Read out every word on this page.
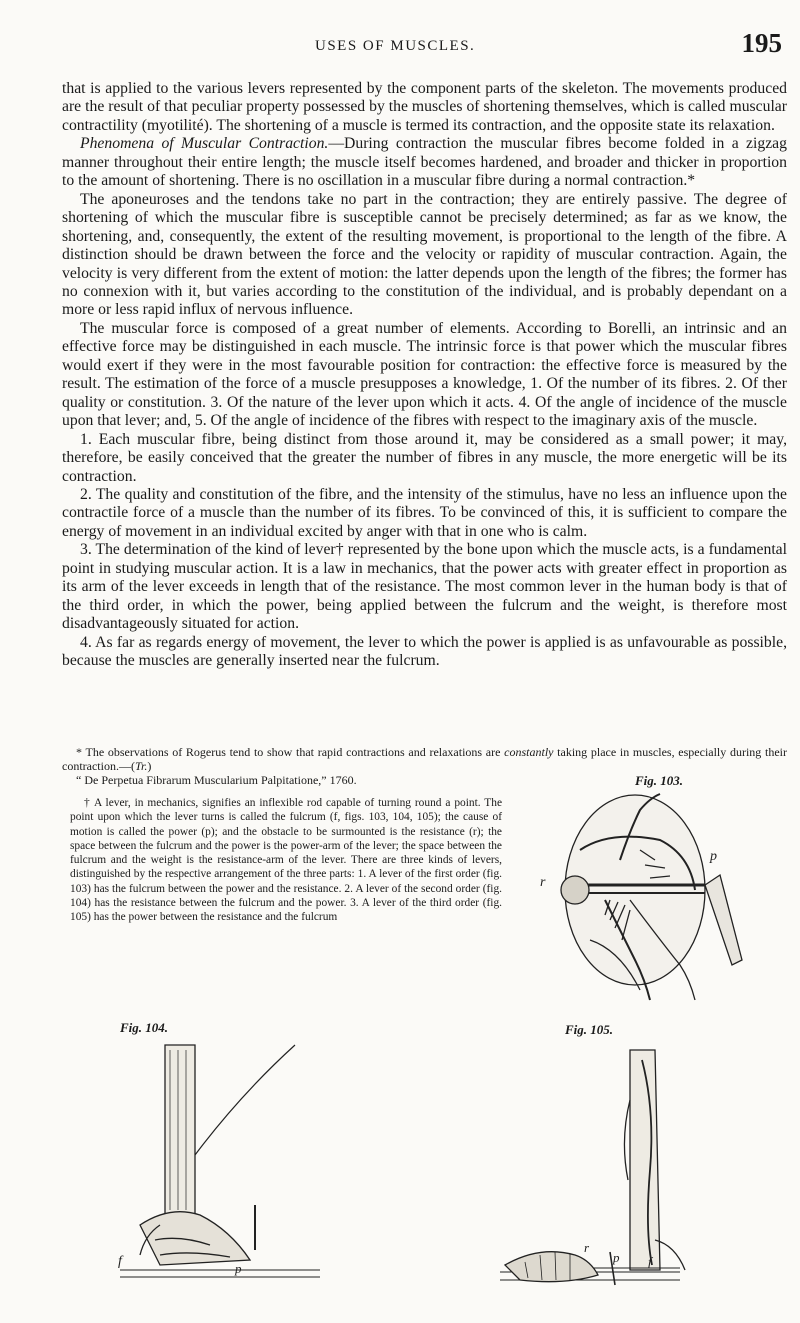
USES OF MUSCLES.	195

that is applied to the various levers represented by the component parts of the skeleton. The movements produced are the result of that peculiar property possessed by the muscles of shortening themselves, which is called muscular contractility (myotilité). The shortening of a muscle is termed its contraction, and the opposite state its relaxation.

Phenomena of Muscular Contraction.—During contraction the muscular fibres become folded in a zigzag manner throughout their entire length; the muscle itself becomes hardened, and broader and thicker in proportion to the amount of shortening. There is no oscillation in a muscular fibre during a normal contraction.*

The aponeuroses and the tendons take no part in the contraction; they are entirely passive. The degree of shortening of which the muscular fibre is susceptible cannot be precisely determined; as far as we know, the shortening, and, consequently, the extent of the resulting movement, is proportional to the length of the fibre. A distinction should be drawn between the force and the velocity or rapidity of muscular contraction. Again, the velocity is very different from the extent of motion: the latter depends upon the length of the fibres; the former has no connexion with it, but varies according to the constitution of the individual, and is probably dependant on a more or less rapid influx of nervous influence.

The muscular force is composed of a great number of elements. According to Borelli, an intrinsic and an effective force may be distinguished in each muscle. The intrinsic force is that power which the muscular fibres would exert if they were in the most favourable position for contraction: the effective force is measured by the result. The estimation of the force of a muscle presupposes a knowledge, 1. Of the number of its fibres. 2. Of ther quality or constitution. 3. Of the nature of the lever upon which it acts. 4. Of the angle of incidence of the muscle upon that lever; and, 5. Of the angle of incidence of the fibres with respect to the imaginary axis of the muscle.

1. Each muscular fibre, being distinct from those around it, may be considered as a small power; it may, therefore, be easily conceived that the greater the number of fibres in any muscle, the more energetic will be its contraction.

2. The quality and constitution of the fibre, and the intensity of the stimulus, have no less an influence upon the contractile force of a muscle than the number of its fibres. To be convinced of this, it is sufficient to compare the energy of movement in an individual excited by anger with that in one who is calm.

3. The determination of the kind of lever† represented by the bone upon which the muscle acts, is a fundamental point in studying muscular action. It is a law in mechanics, that the power acts with greater effect in proportion as its arm of the lever exceeds in length that of the resistance. The most common lever in the human body is that of the third order, in which the power, being applied between the fulcrum and the weight, is therefore most disadvantageously situated for action.

4. As far as regards energy of movement, the lever to which the power is applied is as unfavourable as possible, because the muscles are generally inserted near the fulcrum.

* The observations of Rogerus tend to show that rapid contractions and relaxations are constantly taking place in muscles, especially during their contraction.—(Tr.)

“ De Perpetua Fibrarum Muscularium Palpitatione,” 1760.

† A lever, in mechanics, signifies an inflexible rod capable of turning round a point. The point upon which the lever turns is called the fulcrum (f, figs. 103, 104, 105); the cause of motion is called the power (p); and the obstacle to be surmounted is the resistance (r); the space between the fulcrum and the power is the power-arm of the lever; the space between the fulcrum and the weight is the resistance-arm of the lever. There are three kinds of levers, distinguished by the respective arrangement of the three parts: 1. A lever of the first order (fig. 103) has the fulcrum between the power and the resistance. 2. A lever of the second order (fig. 104) has the resistance between the fulcrum and the power. 3. A lever of the third order (fig. 105) has the power between the resistance and the fulcrum

Fig. 103.
Fig. 104.	Fig. 105.
r
p
f	p
r
p f
